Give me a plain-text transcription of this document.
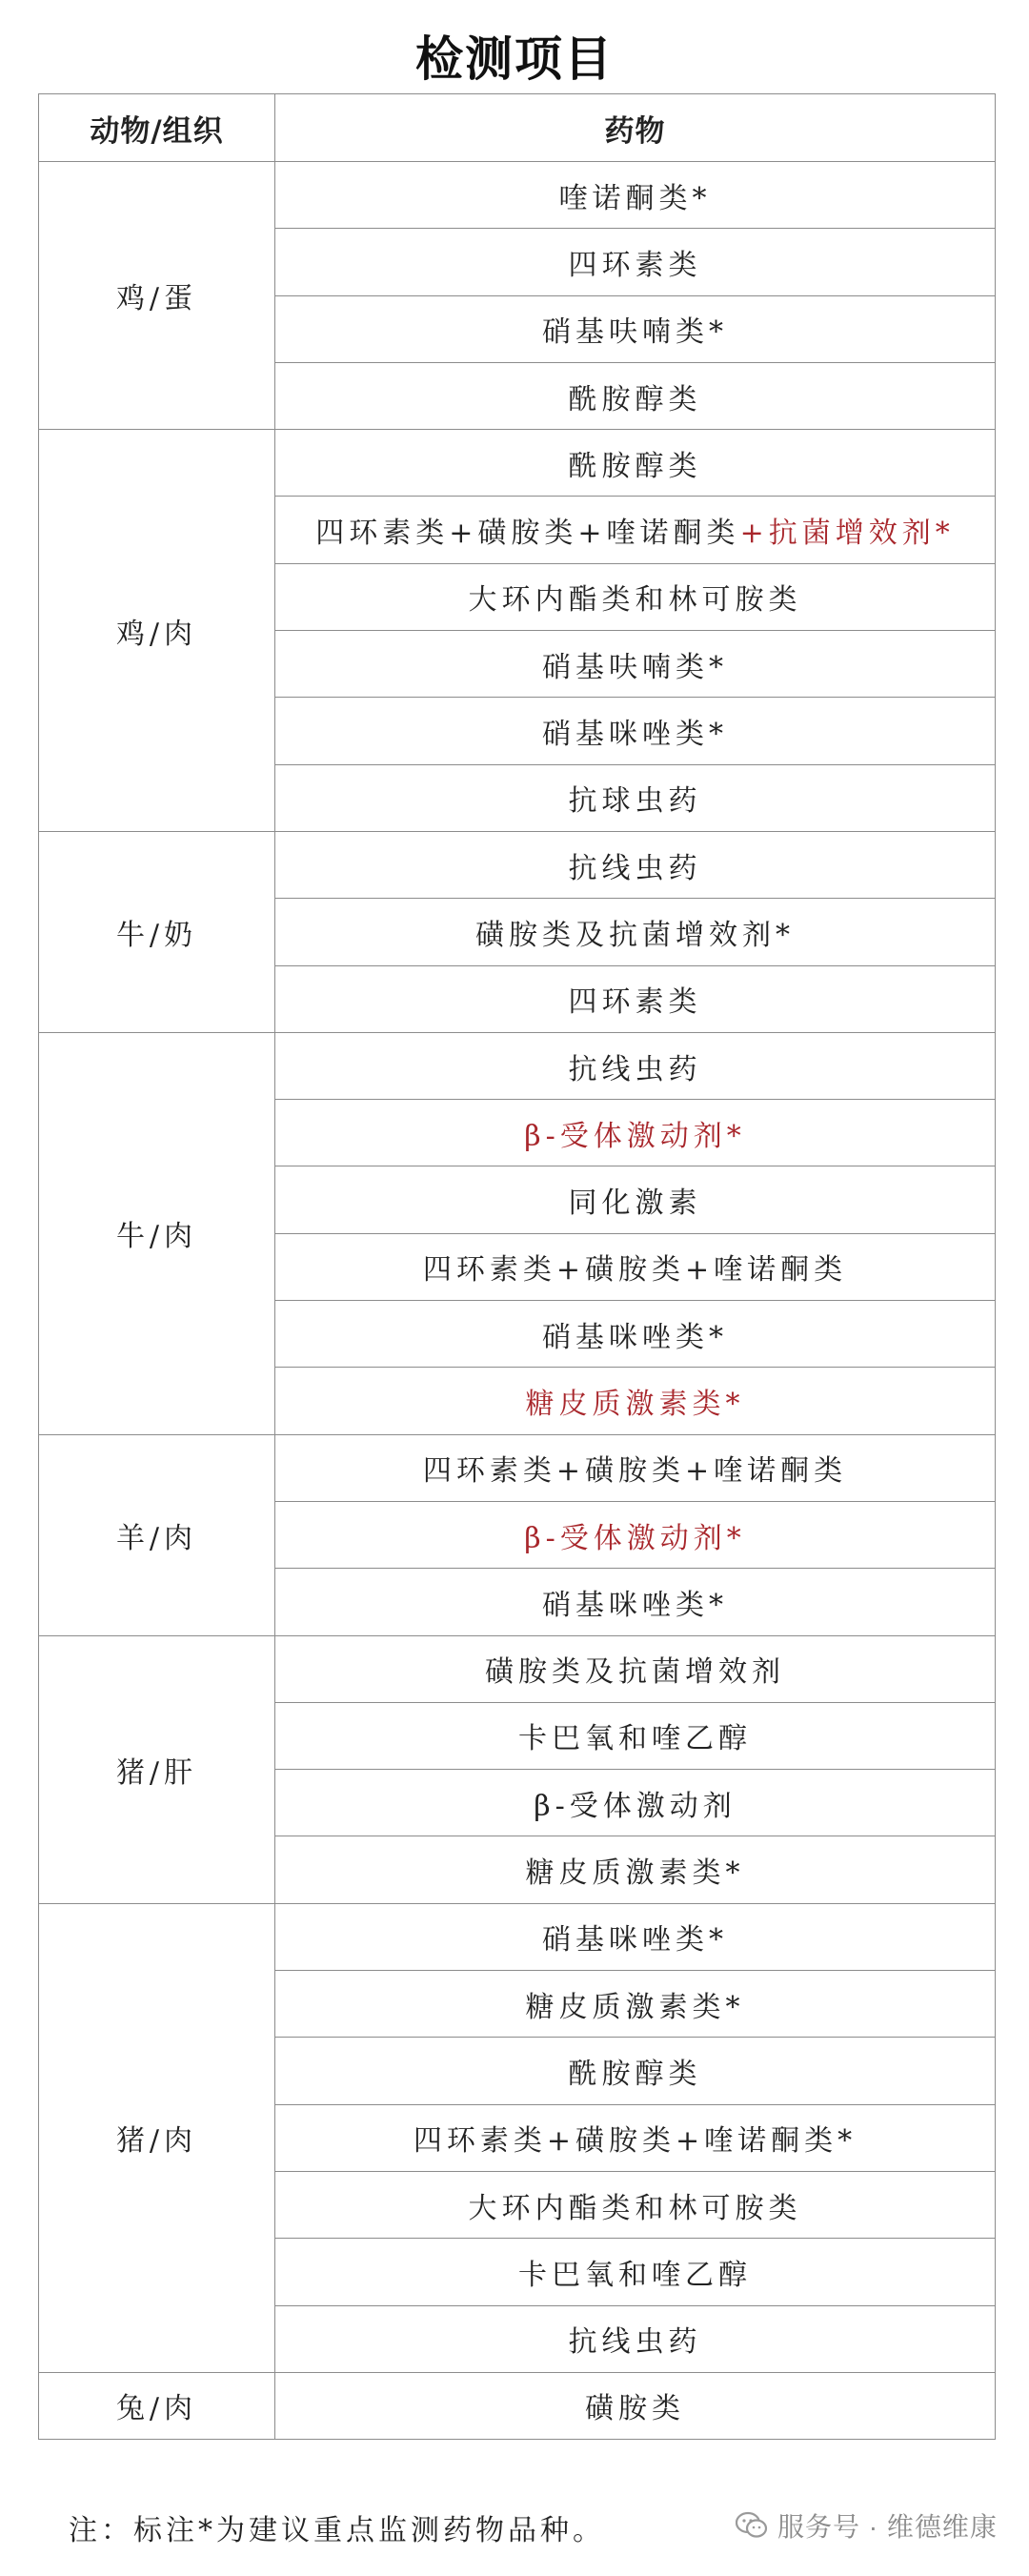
检测项目
动物/组织	药物
鸡/蛋	喹诺酮类*
	四环素类
	硝基呋喃类*
	酰胺醇类
鸡/肉	酰胺醇类
	四环素类+磺胺类+喹诺酮类+抗菌增效剂*
	大环内酯类和林可胺类
	硝基呋喃类*
	硝基咪唑类*
	抗球虫药
牛/奶	抗线虫药
	磺胺类及抗菌增效剂*
	四环素类
牛/肉	抗线虫药
	β-受体激动剂*
	同化激素
	四环素类+磺胺类+喹诺酮类
	硝基咪唑类*
	糖皮质激素类*
羊/肉	四环素类+磺胺类+喹诺酮类
	β-受体激动剂*
	硝基咪唑类*
猪/肝	磺胺类及抗菌增效剂
	卡巴氧和喹乙醇
	β-受体激动剂
	糖皮质激素类*
猪/肉	硝基咪唑类*
	糖皮质激素类*
	酰胺醇类
	四环素类+磺胺类+喹诺酮类*
	大环内酯类和林可胺类
	卡巴氧和喹乙醇
	抗线虫药
兔/肉	磺胺类
注：标注*为建议重点监测药物品种。	服务号 · 维德维康
